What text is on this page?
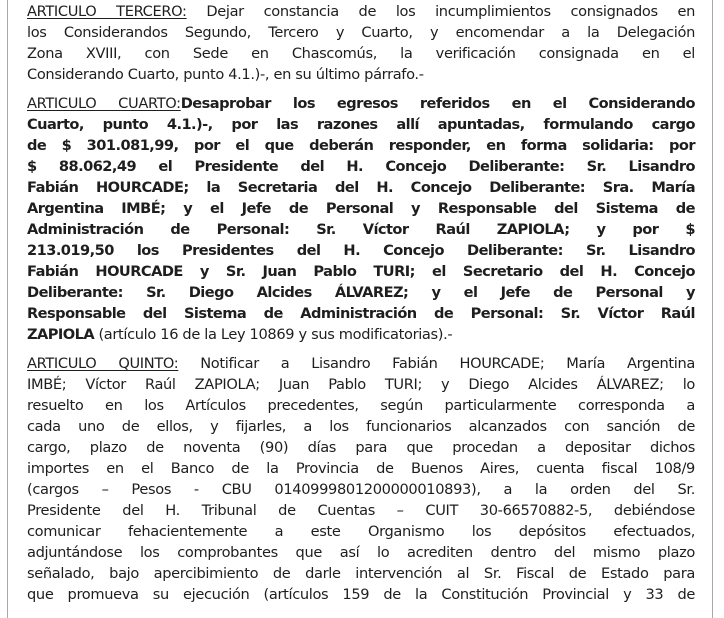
ARTICULO TERCERO: Dejar constancia de los incumplimientos consignados en
los Considerandos Segundo, Tercero y Cuarto, y encomendar a la Delegación
Zona XVIII, con Sede en Chascomús, la verificación consignada en el
Considerando Cuarto, punto 4.1.)-, en su último párrafo.-
ARTICULO CUARTO:Desaprobar los egresos referidos en el Considerando
Cuarto, punto 4.1.)-, por las razones allí apuntadas, formulando cargo
de $ 301.081,99, por el que deberán responder, en forma solidaria: por
$ 88.062,49 el Presidente del H. Concejo Deliberante: Sr. Lisandro
Fabián HOURCADE; la Secretaria del H. Concejo Deliberante: Sra. María
Argentina IMBÉ; y el Jefe de Personal y Responsable del Sistema de
Administración de Personal: Sr. Víctor Raúl ZAPIOLA; y por $
213.019,50 los Presidentes del H. Concejo Deliberante: Sr. Lisandro
Fabián HOURCADE y Sr. Juan Pablo TURI; el Secretario del H. Concejo
Deliberante: Sr. Diego Alcides ÁLVAREZ; y el Jefe de Personal y
Responsable del Sistema de Administración de Personal: Sr. Víctor Raúl
ZAPIOLA (artículo 16 de la Ley 10869 y sus modificatorias).-
ARTICULO QUINTO: Notificar a Lisandro Fabián HOURCADE; María Argentina
IMBÉ; Víctor Raúl ZAPIOLA; Juan Pablo TURI; y Diego Alcides ÁLVAREZ; lo
resuelto en los Artículos precedentes, según particularmente corresponda a
cada uno de ellos, y fijarles, a los funcionarios alcanzados con sanción de
cargo, plazo de noventa (90) días para que procedan a depositar dichos
importes en el Banco de la Provincia de Buenos Aires, cuenta fiscal 108/9
(cargos – Pesos - CBU 0140999801200000010893), a la orden del Sr.
Presidente del H. Tribunal de Cuentas – CUIT 30-66570882-5, debiéndose
comunicar fehacientemente a este Organismo los depósitos efectuados,
adjuntándose los comprobantes que así lo acrediten dentro del mismo plazo
señalado, bajo apercibimiento de darle intervención al Sr. Fiscal de Estado para
que promueva su ejecución (artículos 159 de la Constitución Provincial y 33 de
